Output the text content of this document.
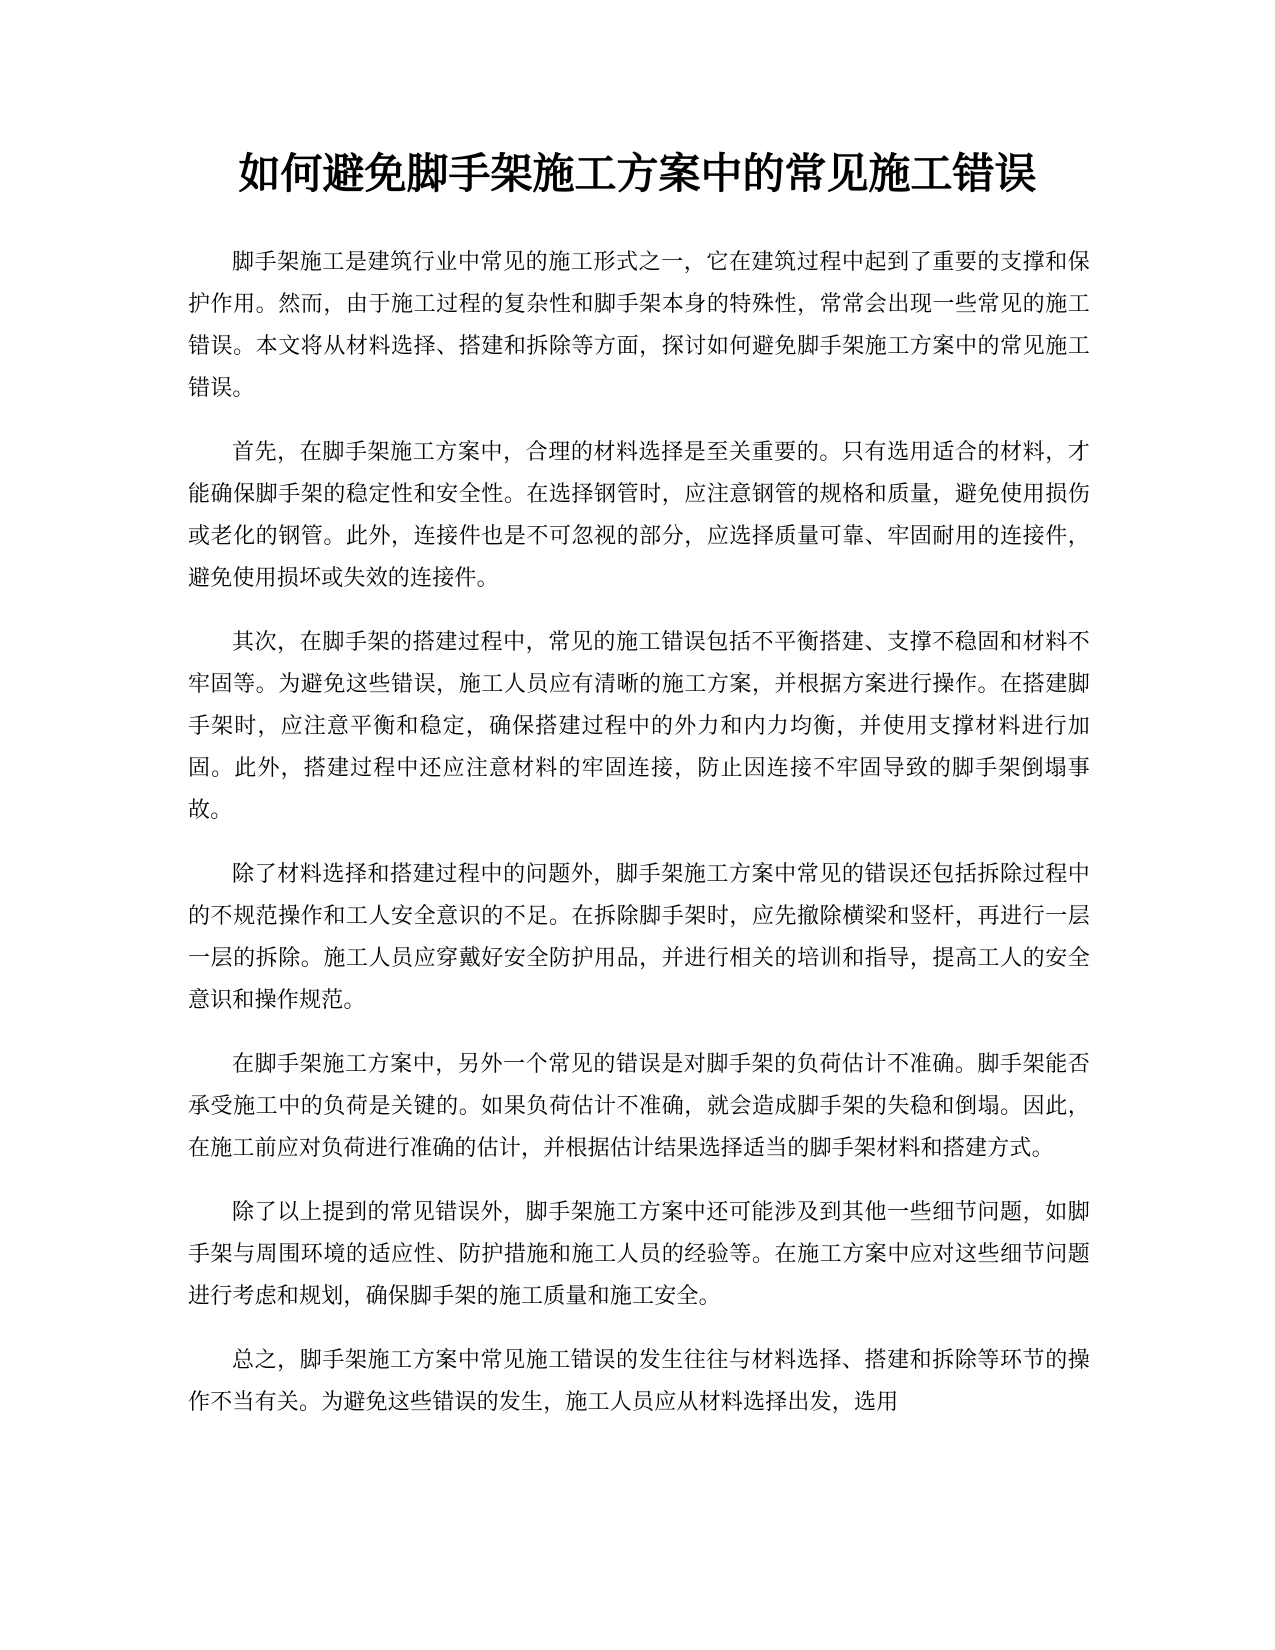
如何避免脚手架施工方案中的常见施工错误

脚手架施工是建筑行业中常见的施工形式之一，它在建筑过程中起到了重要的支撑和保护作用。然而，由于施工过程的复杂性和脚手架本身的特殊性，常常会出现一些常见的施工错误。本文将从材料选择、搭建和拆除等方面，探讨如何避免脚手架施工方案中的常见施工错误。

首先，在脚手架施工方案中，合理的材料选择是至关重要的。只有选用适合的材料，才能确保脚手架的稳定性和安全性。在选择钢管时，应注意钢管的规格和质量，避免使用损伤或老化的钢管。此外，连接件也是不可忽视的部分，应选择质量可靠、牢固耐用的连接件，避免使用损坏或失效的连接件。

其次，在脚手架的搭建过程中，常见的施工错误包括不平衡搭建、支撑不稳固和材料不牢固等。为避免这些错误，施工人员应有清晰的施工方案，并根据方案进行操作。在搭建脚手架时，应注意平衡和稳定，确保搭建过程中的外力和内力均衡，并使用支撑材料进行加固。此外，搭建过程中还应注意材料的牢固连接，防止因连接不牢固导致的脚手架倒塌事故。

除了材料选择和搭建过程中的问题外，脚手架施工方案中常见的错误还包括拆除过程中的不规范操作和工人安全意识的不足。在拆除脚手架时，应先撤除横梁和竖杆，再进行一层一层的拆除。施工人员应穿戴好安全防护用品，并进行相关的培训和指导，提高工人的安全意识和操作规范。

在脚手架施工方案中，另外一个常见的错误是对脚手架的负荷估计不准确。脚手架能否承受施工中的负荷是关键的。如果负荷估计不准确，就会造成脚手架的失稳和倒塌。因此，在施工前应对负荷进行准确的估计，并根据估计结果选择适当的脚手架材料和搭建方式。

除了以上提到的常见错误外，脚手架施工方案中还可能涉及到其他一些细节问题，如脚手架与周围环境的适应性、防护措施和施工人员的经验等。在施工方案中应对这些细节问题进行考虑和规划，确保脚手架的施工质量和施工安全。

总之，脚手架施工方案中常见施工错误的发生往往与材料选择、搭建和拆除等环节的操作不当有关。为避免这些错误的发生，施工人员应从材料选择出发，选用
